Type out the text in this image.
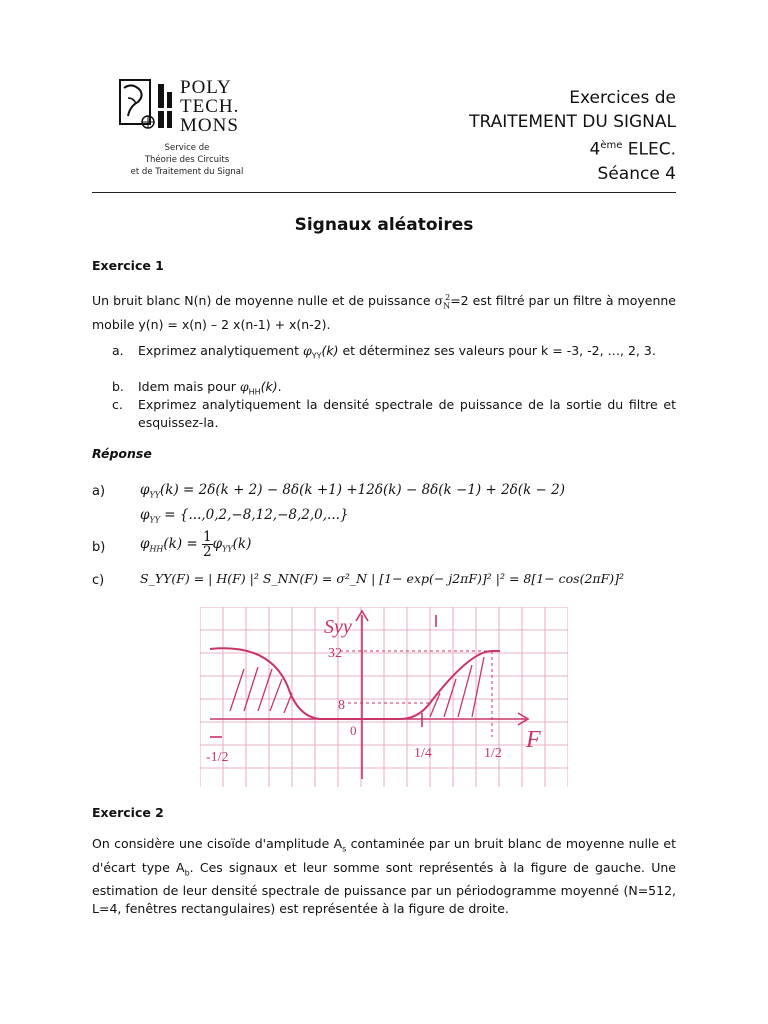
POLY
TECH.
MONS
Service de
Théorie des Circuits
et de Traitement du Signal
Exercices de
TRAITEMENT DU SIGNAL
4ème ELEC.
Séance 4
Signaux aléatoires
Exercice 1
Un bruit blanc N(n) de moyenne nulle et de puissance $\sigma_N^2=2$ est filtré par un filtre à moyenne mobile y(n) = x(n) – 2 x(n-1) + x(n-2).
a. Exprimez analytiquement $\varphi_{YY}(k)$ et déterminez ses valeurs pour k = -3, -2, …, 2, 3.
b. Idem mais pour $\varphi_{HH}(k)$.
c. Exprimez analytiquement la densité spectrale de puissance de la sortie du filtre et esquissez-la.
Réponse
a)	$\varphi_{YY}(k) = 2\delta(k + 2) - 8\delta(k +1) +12\delta(k) - 8\delta(k -1) + 2\delta(k - 2)$
$\varphi_{YY} = \{...,0,2,-8,12,-8,2,0,...\}$
b)	$\varphi_{HH}(k) = \frac{1}{2} \varphi_{YY}(k)$
c)	S_YY(F) = | H(F) |² S_NN(F) = σ²_N | [1− exp(− j2πF)]² |² = 8[1− cos(2πF)]²
Syy
F
32
8
0
-1/2	1/4	1/2
Exercice 2
On considère une cisoïde d'amplitude $A_s$ contaminée par un bruit blanc de moyenne nulle et d'écart type $A_b$. Ces signaux et leur somme sont représentés à la figure de gauche. Une estimation de leur densité spectrale de puissance par un périodogramme moyenné (N=512, L=4, fenêtres rectangulaires) est représentée à la figure de droite.
